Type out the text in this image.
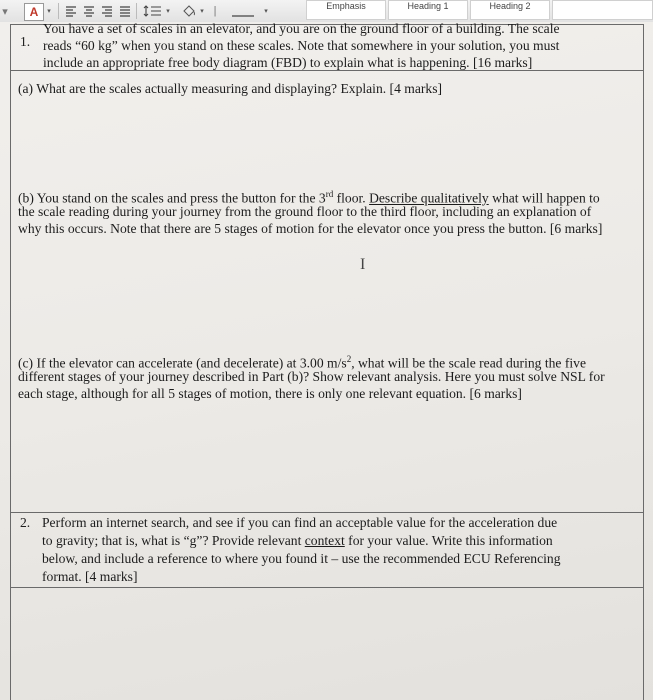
▾	A	▾	▾	▾ |	▾
Emphasis	Heading 1	Heading 2
1.
You have a set of scales in an elevator, and you are on the ground floor of a building. The scale
reads “60 kg” when you stand on these scales. Note that somewhere in your solution, you must
include an appropriate free body diagram (FBD) to explain what is happening. [16 marks]
(a) What are the scales actually measuring and displaying? Explain. [4 marks]
(b) You stand on the scales and press the button for the 3rd floor. Describe qualitatively what will happen to
the scale reading during your journey from the ground floor to the third floor, including an explanation of
why this occurs. Note that there are 5 stages of motion for the elevator once you press the button. [6 marks]
I
(c) If the elevator can accelerate (and decelerate) at 3.00 $m/s^2$, what will be the scale read during the five
different stages of your journey described in Part (b)? Show relevant analysis. Here you must solve NSL for
each stage, although for all 5 stages of motion, there is only one relevant equation. [6 marks]
2. Perform an internet search, and see if you can find an acceptable value for the acceleration due
to gravity; that is, what is “g”? Provide relevant context for your value. Write this information
below, and include a reference to where you found it – use the recommended ECU Referencing
format. [4 marks]
